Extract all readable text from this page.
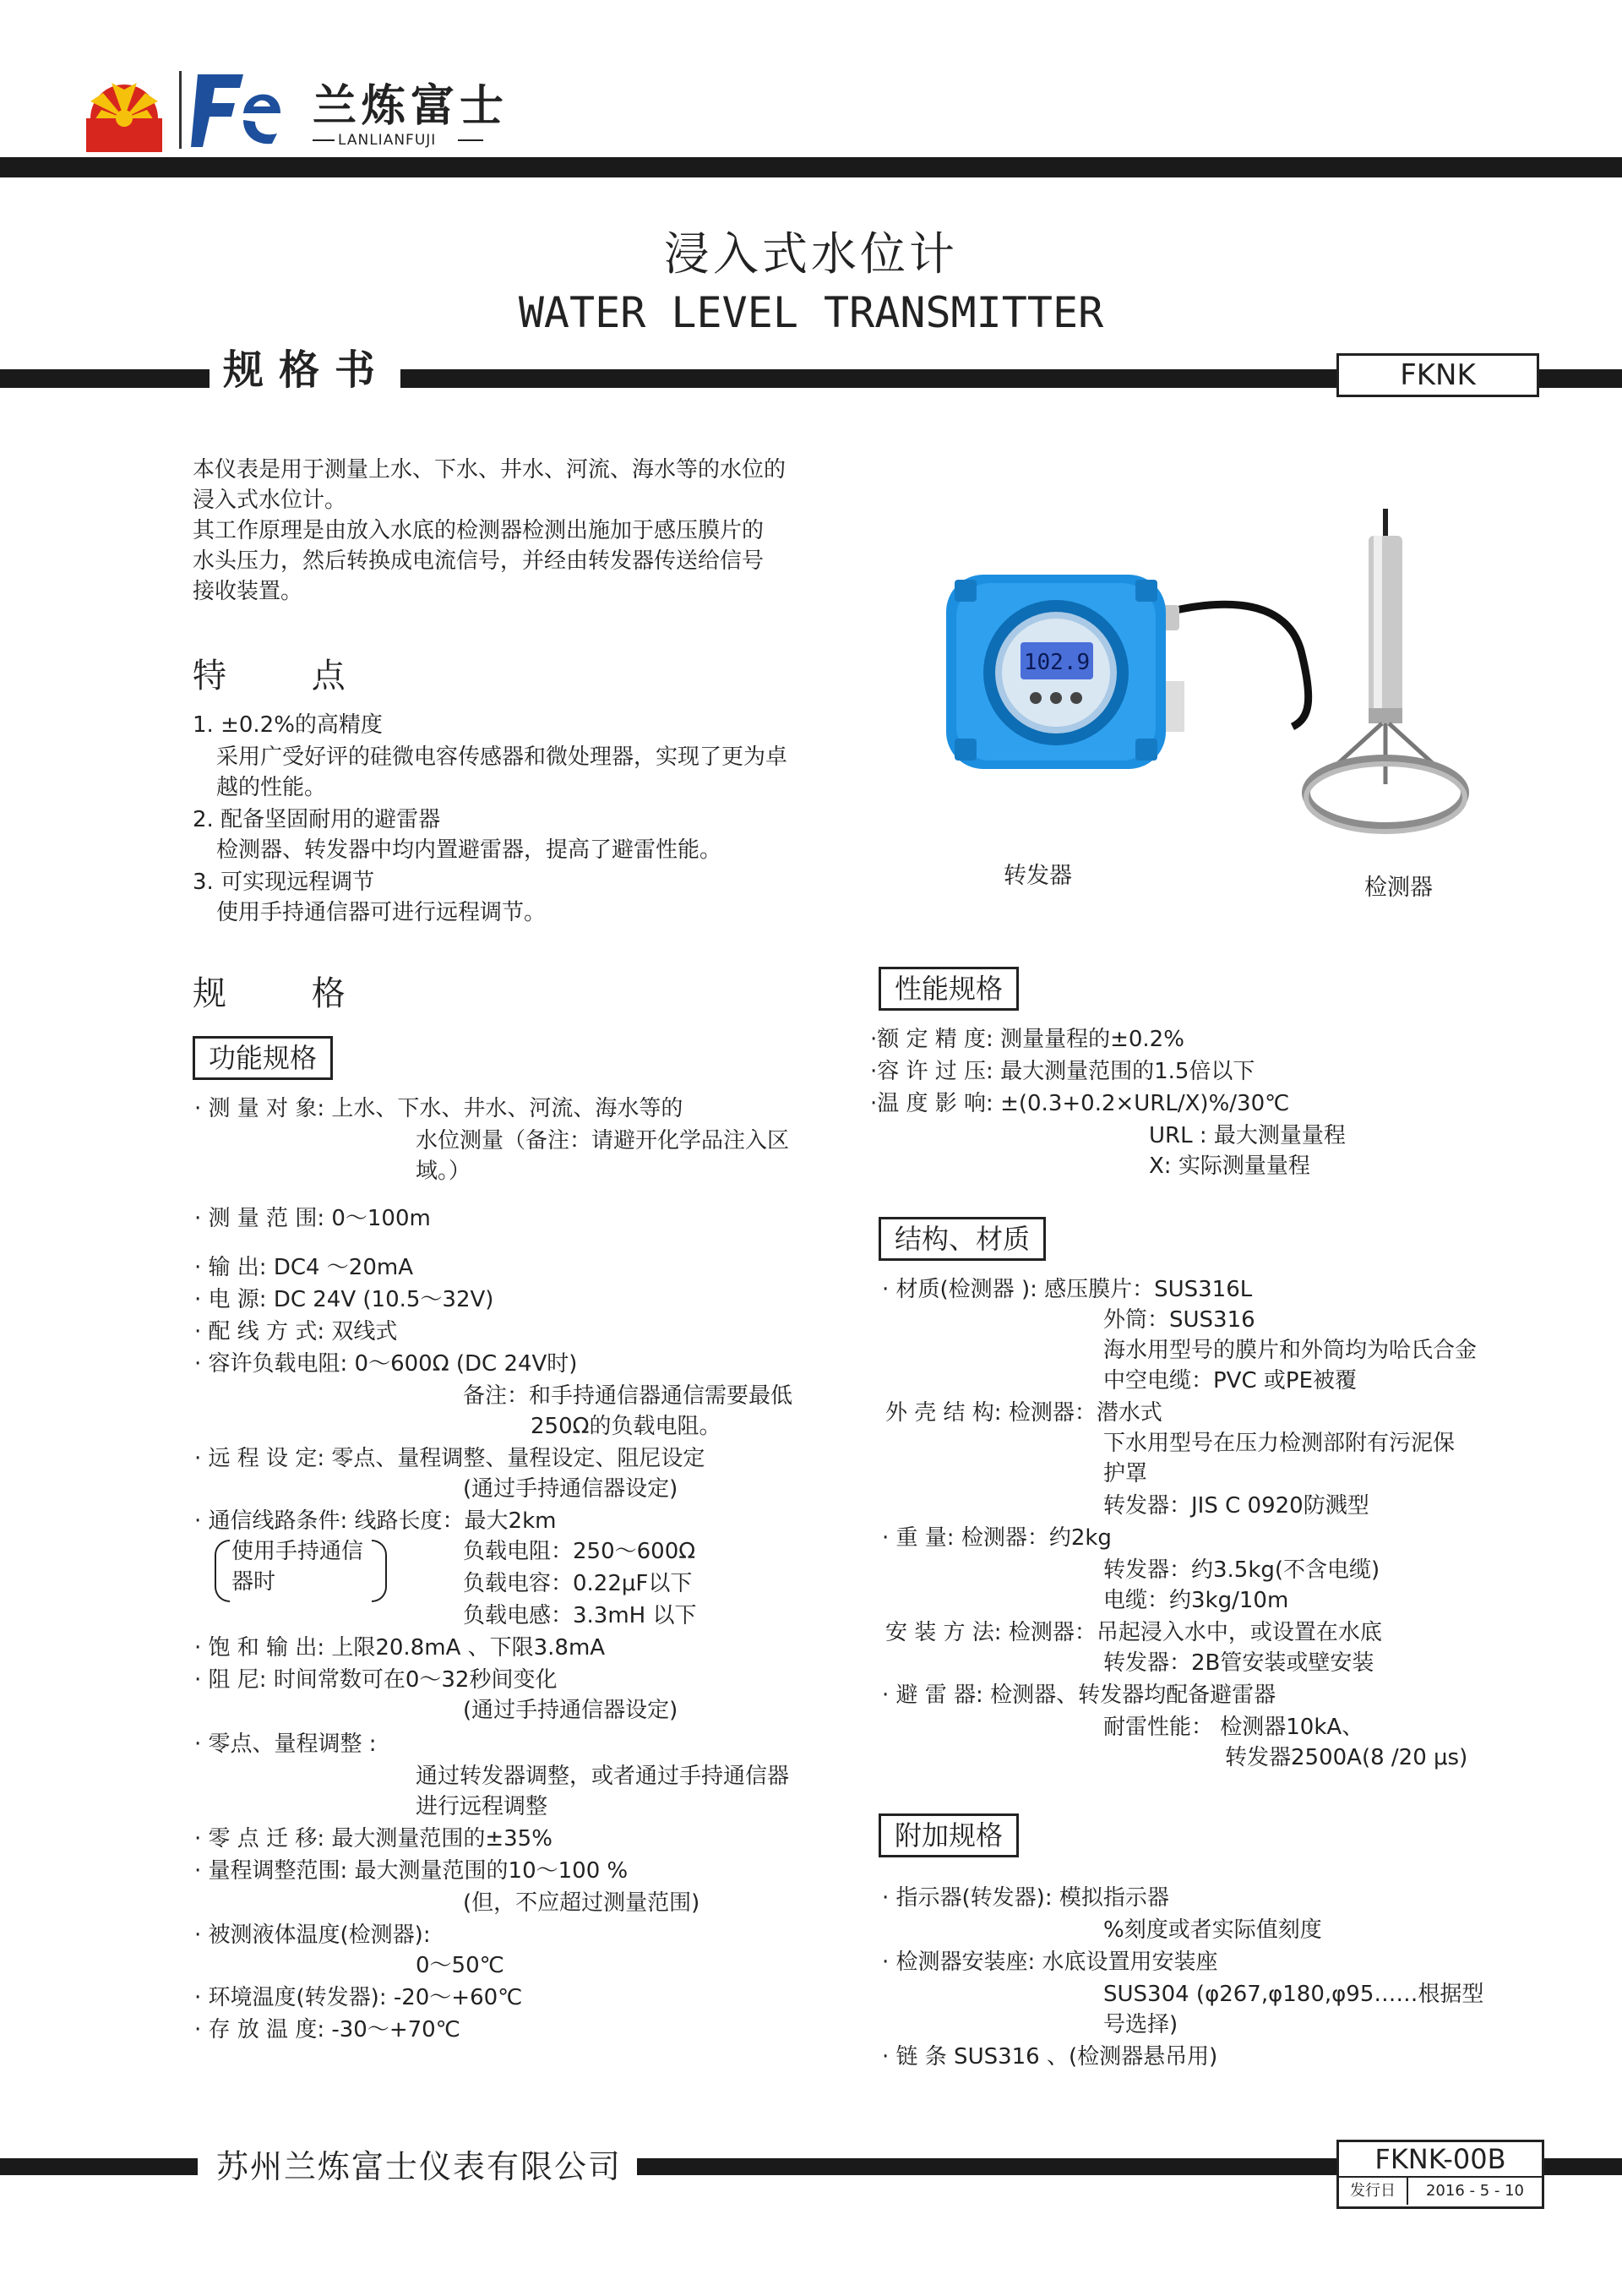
兰炼富士
LANLIANFUJI
浸入式水位计
WATER LEVEL TRANSMITTER
规格书	FKNK
本仪表是用于测量上水、下水、井水、河流、海水等的水位的
浸入式水位计。
其工作原理是由放入水底的检测器检测出施加于感压膜片的
水头压力，然后转换成电流信号，并经由转发器传送给信号
接收装置。
特 点
1. ±0.2%的高精度
采用广受好评的硅微电容传感器和微处理器，实现了更为卓
越的性能。
2. 配备坚固耐用的避雷器
检测器、转发器中均内置避雷器，提高了避雷性能。
3. 可实现远程调节
使用手持通信器可进行远程调节。
102.9
转发器	检测器
规 格
功能规格
· 测 量 对 象: 上水、下水、井水、河流、海水等的
水位测量（备注：请避开化学品注入区
域。）
· 测 量 范 围: 0～100m
· 输 出: DC4 ～20mA
· 电 源: DC 24V (10.5～32V)
· 配 线 方 式: 双线式
· 容许负载电阻: 0～600Ω (DC 24V时)
备注：和手持通信器通信需要最低
250Ω的负载电阻。
· 远 程 设 定: 零点、量程调整、量程设定、阻尼设定
(通过手持通信器设定)
· 通信线路条件: 线路长度：最大2km
使用手持通信
器时
负载电阻：250～600Ω
负载电容：0.22μF以下
负载电感：3.3mH 以下
· 饱 和 输 出: 上限20.8mA 、下限3.8mA
· 阻 尼: 时间常数可在0～32秒间变化
(通过手持通信器设定)
· 零点、量程调整 :
通过转发器调整，或者通过手持通信器
进行远程调整
· 零 点 迁 移: 最大测量范围的±35%
· 量程调整范围: 最大测量范围的10～100 %
(但，不应超过测量范围)
· 被测液体温度(检测器):
0～50℃
· 环境温度(转发器): -20～+60℃
· 存 放 温 度: -30～+70℃
性能规格
·额 定 精 度: 测量量程的±0.2%
·容 许 过 压: 最大测量范围的1.5倍以下
·温 度 影 响: ±(0.3+0.2×URL/X)%/30℃
URL : 最大测量量程
X: 实际测量量程
结构、材质
· 材质(检测器 ): 感压膜片：SUS316L
外筒：SUS316
海水用型号的膜片和外筒均为哈氏合金
中空电缆：PVC 或PE被覆
外 壳 结 构: 检测器：潜水式
下水用型号在压力检测部附有污泥保
护罩
转发器：JIS C 0920防溅型
· 重 量: 检测器：约2kg
转发器：约3.5kg(不含电缆)
电缆：约3kg/10m
安 装 方 法: 检测器：吊起浸入水中，或设置在水底
转发器：2B管安装或壁安装
· 避 雷 器: 检测器、转发器均配备避雷器
耐雷性能： 检测器10kA、
转发器2500A(8 /20 μs)
附加规格
· 指示器(转发器): 模拟指示器
%刻度或者实际值刻度
· 检测器安装座: 水底设置用安装座
SUS304 (φ267,φ180,φ95……根据型
号选择)
· 链 条 SUS316 、(检测器悬吊用)
苏州兰炼富士仪表有限公司	FKNK-00B
发行日	2016 - 5 - 10
